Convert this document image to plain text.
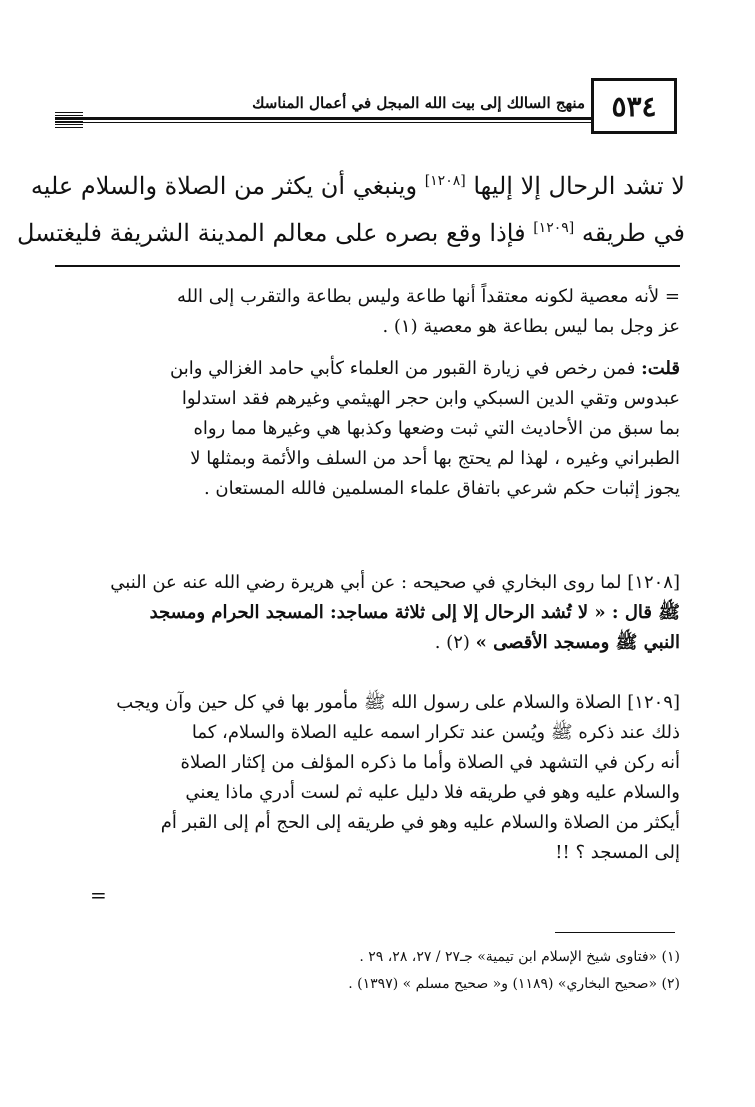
٥٣٤
منهج السالك إلى بيت الله المبجل في أعمال المناسك
لا تشد الرحال إلا إليها [١٢٠٨] وينبغي أن يكثر من الصلاة والسلام عليه
في طريقه [١٢٠٩] فإذا وقع بصره على معالم المدينة الشريفة فليغتسل

= لأنه معصية لكونه معتقداً أنها طاعة وليس بطاعة والتقرب إلى الله
عز وجل بما ليس بطاعة هو معصية (١) .

قلت: فمن رخص في زيارة القبور من العلماء كأبي حامد الغزالي وابن
عبدوس وتقي الدين السبكي وابن حجر الهيثمي وغيرهم فقد استدلوا
بما سبق من الأحاديث التي ثبت وضعها وكذبها هي وغيرها مما رواه
الطبراني وغيره ، لهذا لم يحتج بها أحد من السلف والأئمة وبمثلها لا
يجوز إثبات حكم شرعي باتفاق علماء المسلمين فالله المستعان .

[١٢٠٨] لما روى البخاري في صحيحه : عن أبي هريرة رضي الله عنه عن النبي
ﷺ قال : « لا تُشد الرحال إلا إلى ثلاثة مساجد: المسجد الحرام ومسجد
النبي ﷺ ومسجد الأقصى » (٢) .
[١٢٠٩] الصلاة والسلام على رسول الله ﷺ مأمور بها في كل حين وآن ويجب
ذلك عند ذكره ﷺ ويُسن عند تكرار اسمه عليه الصلاة والسلام، كما
أنه ركن في التشهد في الصلاة وأما ما ذكره المؤلف من إكثار الصلاة
والسلام عليه وهو في طريقه فلا دليل عليه ثم لست أدري ماذا يعني
أيكثر من الصلاة والسلام عليه وهو في طريقه إلى الحج أم إلى القبر أم
إلى المسجد ؟ !!
=
(١) «فتاوى شيخ الإسلام ابن تيمية» جـ٢٧ / ٢٧، ٢٨، ٢٩ .
(٢) «صحيح البخاري» (١١٨٩) و« صحيح مسلم » (١٣٩٧) .
